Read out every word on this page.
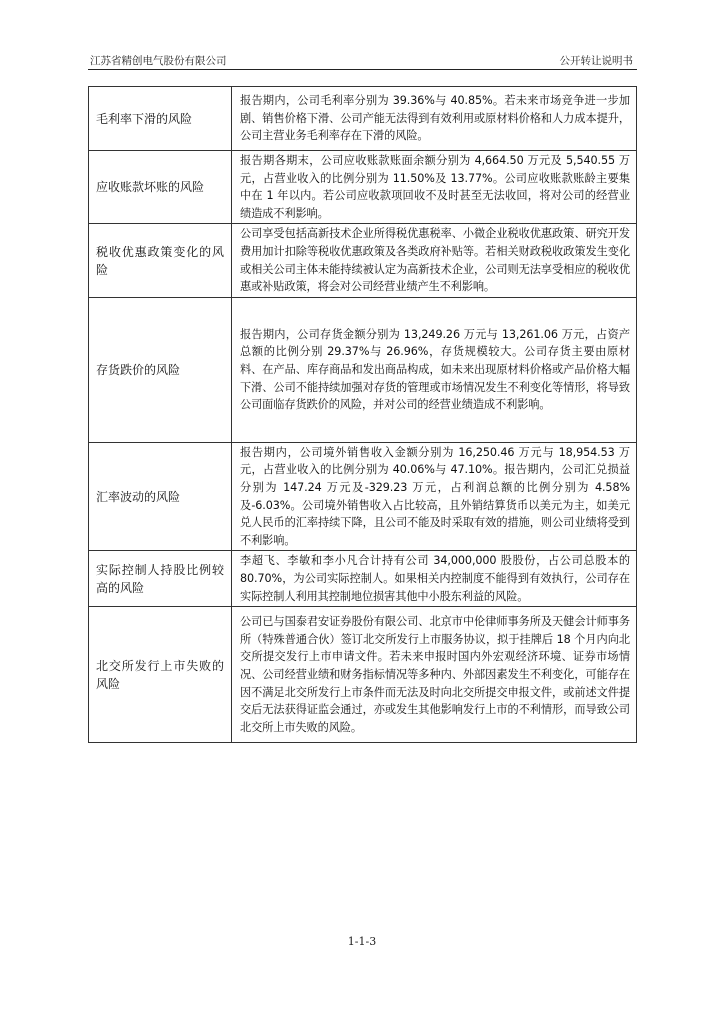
江苏省精创电气股份有限公司	公开转让说明书
毛利率下滑的风险	报告期内，公司毛利率分别为 39.36%与 40.85%。若未来市场竞争进一步加剧、销售价格下滑、公司产能无法得到有效利用或原材料价格和人力成本提升，公司主营业务毛利率存在下滑的风险。
应收账款坏账的风险	报告期各期末，公司应收账款账面余额分别为 4,664.50 万元及 5,540.55 万元，占营业收入的比例分别为 11.50%及 13.77%。公司应收账款账龄主要集中在 1 年以内。若公司应收款项回收不及时甚至无法收回，将对公司的经营业绩造成不利影响。
税收优惠政策变化的风险	公司享受包括高新技术企业所得税优惠税率、小微企业税收优惠政策、研究开发费用加计扣除等税收优惠政策及各类政府补贴等。若相关财政税收政策发生变化或相关公司主体未能持续被认定为高新技术企业，公司则无法享受相应的税收优惠或补贴政策，将会对公司经营业绩产生不利影响。
存货跌价的风险	报告期内，公司存货金额分别为 13,249.26 万元与 13,261.06 万元，占资产总额的比例分别 29.37%与 26.96%，存货规模较大。公司存货主要由原材料、在产品、库存商品和发出商品构成，如未来出现原材料价格或产品价格大幅下滑、公司不能持续加强对存货的管理或市场情况发生不利变化等情形，将导致公司面临存货跌价的风险，并对公司的经营业绩造成不利影响。
汇率波动的风险	报告期内，公司境外销售收入金额分别为 16,250.46 万元与 18,954.53 万元，占营业收入的比例分别为 40.06%与 47.10%。报告期内，公司汇兑损益分别为 147.24 万元及-329.23 万元，占利润总额的比例分别为 4.58%及-6.03%。公司境外销售收入占比较高，且外销结算货币以美元为主，如美元兑人民币的汇率持续下降，且公司不能及时采取有效的措施，则公司业绩将受到不利影响。
实际控制人持股比例较高的风险	李超飞、李敏和李小凡合计持有公司 34,000,000 股股份，占公司总股本的 80.70%，为公司实际控制人。如果相关内控制度不能得到有效执行，公司存在实际控制人利用其控制地位损害其他中小股东利益的风险。
北交所发行上市失败的风险	公司已与国泰君安证券股份有限公司、北京市中伦律师事务所及天健会计师事务所（特殊普通合伙）签订北交所发行上市服务协议，拟于挂牌后 18 个月内向北交所提交发行上市申请文件。若未来申报时国内外宏观经济环境、证券市场情况、公司经营业绩和财务指标情况等多种内、外部因素发生不利变化，可能存在因不满足北交所发行上市条件而无法及时向北交所提交申报文件，或前述文件提交后无法获得证监会通过，亦或发生其他影响发行上市的不利情形，而导致公司北交所上市失败的风险。
1-1-3
